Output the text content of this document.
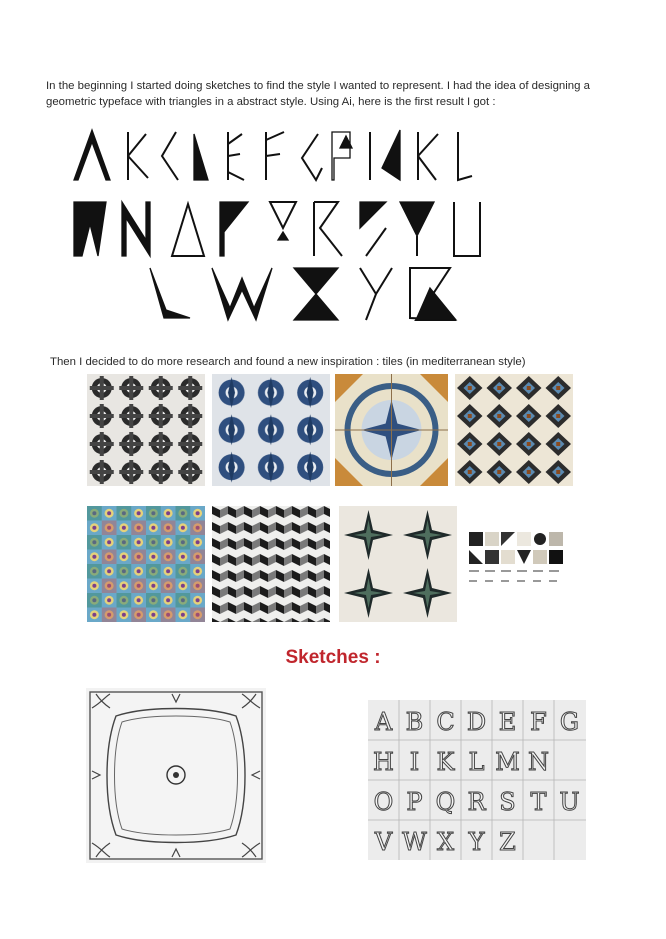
In the beginning I started doing sketches to find the style I wanted to represent. I had the idea of designing a geometric typeface with triangles in a abstract style. Using Ai, here is the first result I got :

Then I decided to do more research and found a new inspiration : tiles (in mediterranean style)

Sketches :
A B C D E F G
H I K L M N
O P Q R S T U
V W X Y Z
